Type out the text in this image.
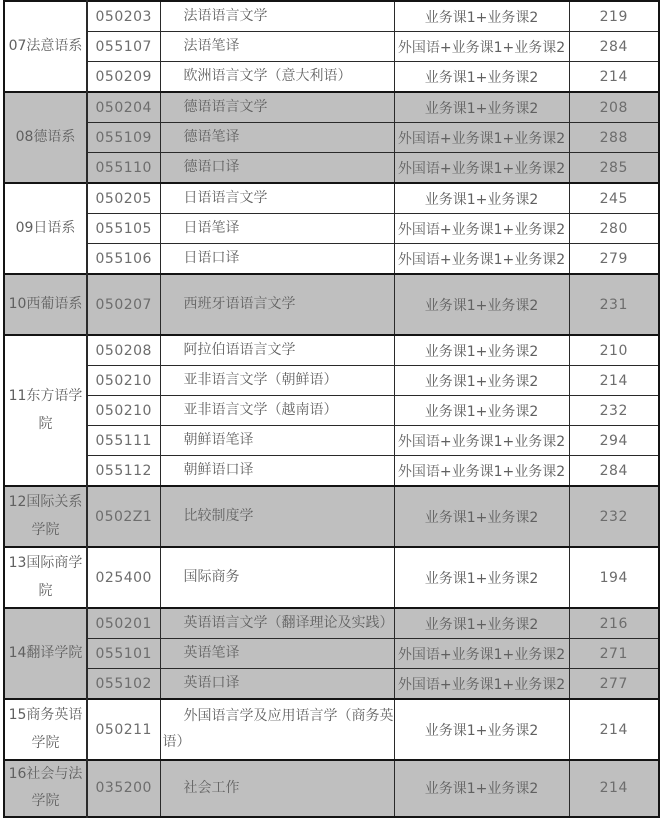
07法意语系	050203	法语语言文学	业务课1+业务课2	219
	055107	法语笔译	外国语+业务课1+业务课2	284
	050209	欧洲语言文学（意大利语）	业务课1+业务课2	214
08德语系	050204	德语语言文学	业务课1+业务课2	208
	055109	德语笔译	外国语+业务课1+业务课2	288
	055110	德语口译	外国语+业务课1+业务课2	285
09日语系	050205	日语语言文学	业务课1+业务课2	245
	055105	日语笔译	外国语+业务课1+业务课2	280
	055106	日语口译	外国语+业务课1+业务课2	279
10西葡语系	050207	西班牙语语言文学	业务课1+业务课2	231
11东方语学院	050208	阿拉伯语语言文学	业务课1+业务课2	210
	050210	亚非语言文学（朝鲜语）	业务课1+业务课2	214
	050210	亚非语言文学（越南语）	业务课1+业务课2	232
	055111	朝鲜语笔译	外国语+业务课1+业务课2	294
	055112	朝鲜语口译	外国语+业务课1+业务课2	284
12国际关系学院	0502Z1	比较制度学	业务课1+业务课2	232
13国际商学院	025400	国际商务	业务课1+业务课2	194
14翻译学院	050201	英语语言文学（翻译理论及实践）	业务课1+业务课2	216
	055101	英语笔译	外国语+业务课1+业务课2	271
	055102	英语口译	外国语+业务课1+业务课2	277
15商务英语学院	050211	外国语言学及应用语言学（商务英语）	业务课1+业务课2	214
16社会与法学院	035200	社会工作	业务课1+业务课2	214
